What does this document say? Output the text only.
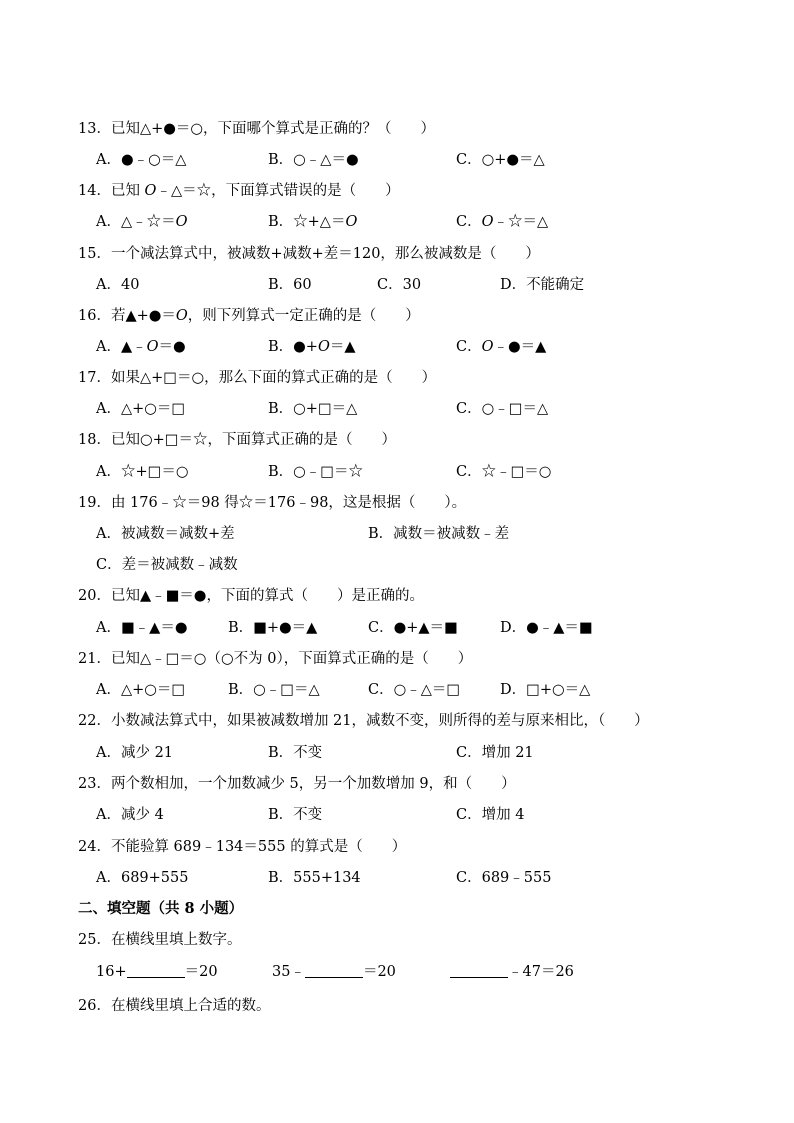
13．已知△+●＝○，下面哪个算式是正确的？（　　）
A．●﹣○＝△	B．○﹣△＝●	C．○+●＝△
14．已知 𝑂﹣△＝☆，下面算式错误的是（　　）
A．△﹣☆＝𝑂	B．☆+△＝𝑂	C．𝑂﹣☆＝△
15．一个减法算式中，被减数+减数+差＝120，那么被减数是（　　）
A．40	B．60	C．30	D．不能确定
16．若▲+●＝𝑂，则下列算式一定正确的是（　　）
A．▲﹣𝑂＝●	B．●+𝑂＝▲	C．𝑂﹣●＝▲
17．如果△+□＝○，那么下面的算式正确的是（　　）
A．△+○＝□	B．○+□＝△	C．○﹣□＝△
18．已知○+□＝☆，下面算式正确的是（　　）
A．☆+□＝○	B．○﹣□＝☆	C．☆﹣□＝○
19．由 176﹣☆＝98 得☆＝176﹣98，这是根据（　　）。
A．被减数＝减数+差	B．减数＝被减数﹣差
C．差＝被减数﹣减数
20．已知▲﹣■＝●，下面的算式（　　）是正确的。
A．■﹣▲＝●	B．■+●＝▲	C．●+▲＝■	D．●﹣▲＝■
21．已知△﹣□＝○（○不为 0），下面算式正确的是（　　）
A．△+○＝□	B．○﹣□＝△	C．○﹣△＝□	D．□+○＝△
22．小数减法算式中，如果被减数增加 21，减数不变，则所得的差与原来相比，（　　）
A．减少 21	B．不变	C．增加 21
23．两个数相加，一个加数减少 5，另一个加数增加 9，和（　　）
A．减少 4	B．不变	C．增加 4
24．不能验算 689﹣134＝555 的算式是（　　）
A．689+555	B．555+134	C．689﹣555
二、填空题（共 8 小题）
25．在横线里填上数字。
16+	＝20	35﹣	＝20	﹣47＝26
26．在横线里填上合适的数。
